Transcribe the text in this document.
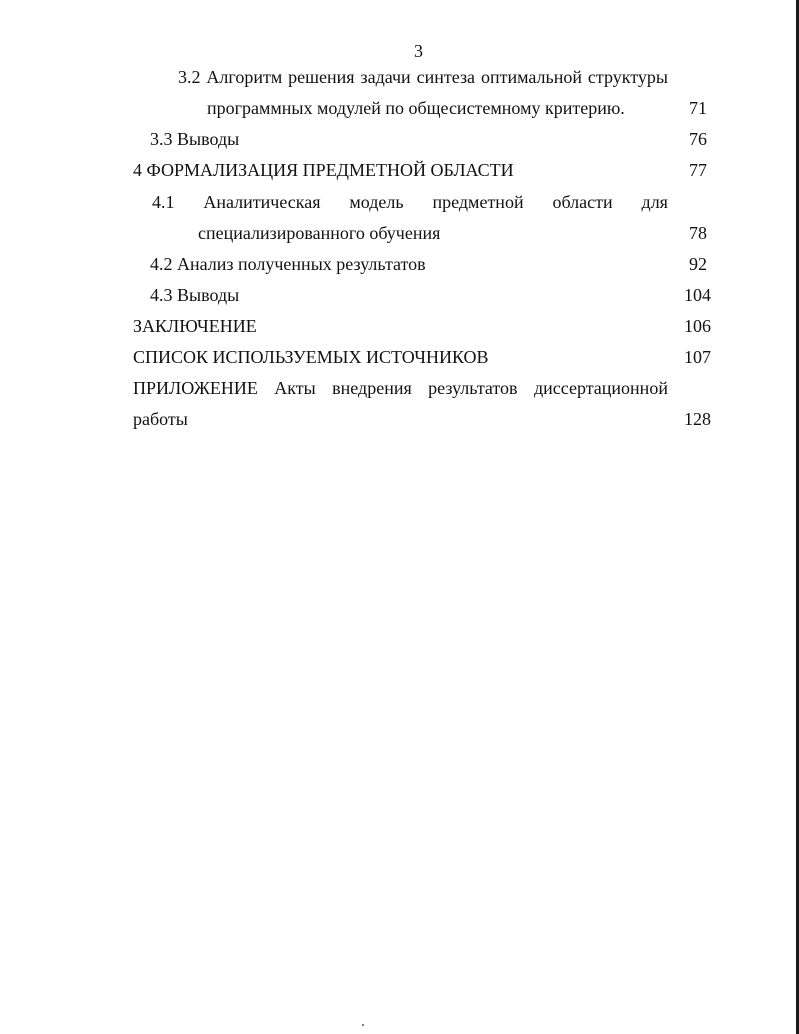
3
3.2 Алгоритм решения задачи синтеза оптимальной структуры
программных модулей по общесистемному критерию.	71
3.3 Выводы	76
4 ФОРМАЛИЗАЦИЯ ПРЕДМЕТНОЙ ОБЛАСТИ	77
4.1 Аналитическая модель предметной области для
специализированного обучения	78
4.2 Анализ полученных результатов	92
4.3 Выводы	104
ЗАКЛЮЧЕНИЕ	106
СПИСОК ИСПОЛЬЗУЕМЫХ ИСТОЧНИКОВ	107
ПРИЛОЖЕНИЕ Акты внедрения результатов диссертационной
работы	128
